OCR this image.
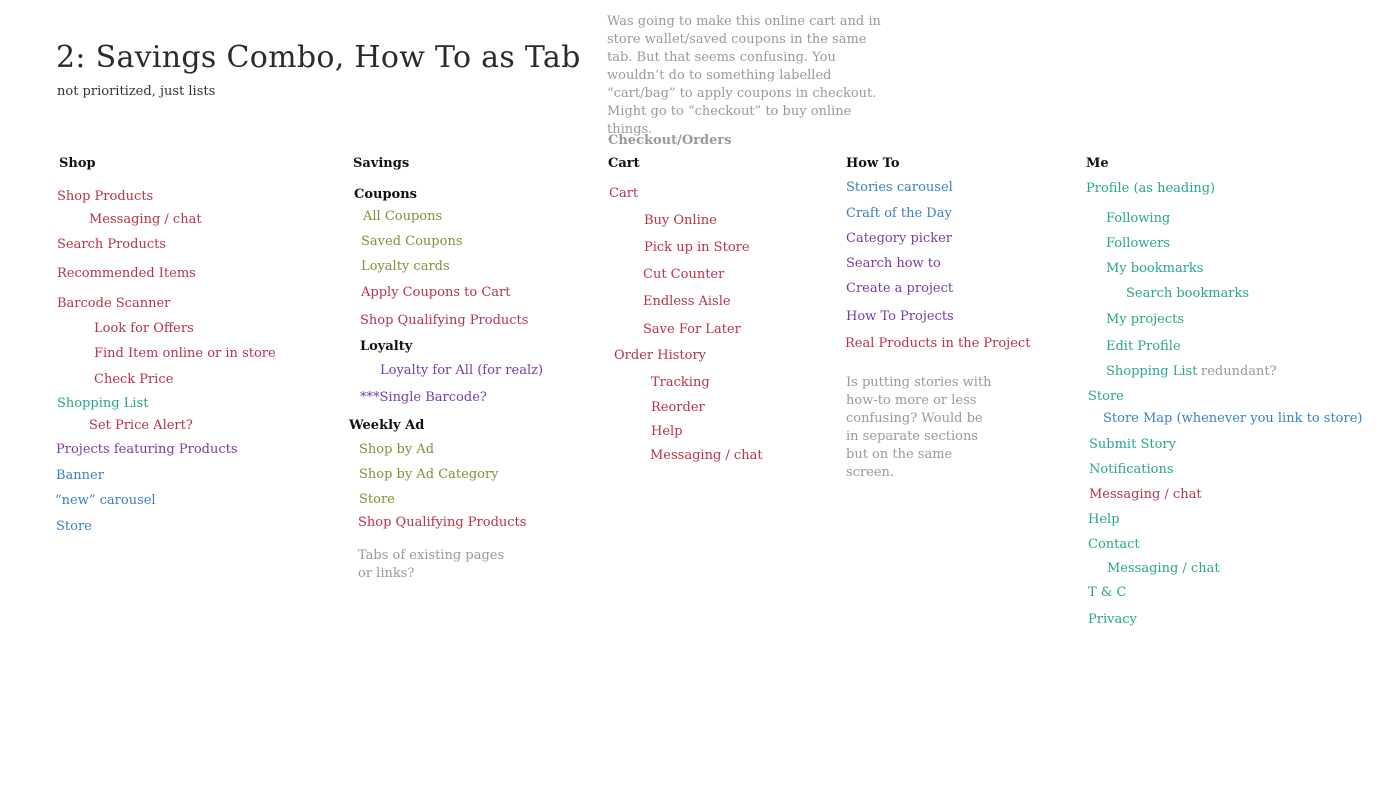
2: Savings Combo, How To as Tab
not prioritized, just lists
Was going to make this online cart and in store wallet/saved coupons in the same tab. But that seems confusing. You wouldn’t do to something labelled “cart/bag” to apply coupons in checkout. Might go to “checkout” to buy online things.
Checkout/Orders
Shop
Shop Products
Messaging / chat
Search Products
Recommended Items
Barcode Scanner
Look for Offers
Find Item online or in store
Check Price
Shopping List
Set Price Alert?
Projects featuring Products
Banner
“new” carousel
Store
Savings
Coupons
All Coupons
Saved Coupons
Loyalty cards
Apply Coupons to Cart
Shop Qualifying Products
Loyalty
Loyalty for All (for realz)
***Single Barcode?
Weekly Ad
Shop by Ad
Shop by Ad Category
Store
Shop Qualifying Products
Tabs of existing pages or links?
Cart
Cart
Buy Online
Pick up in Store
Cut Counter
Endless Aisle
Save For Later
Order History
Tracking
Reorder
Help
Messaging / chat
How To
Stories carousel
Craft of the Day
Category picker
Search how to
Create a project
How To Projects
Real Products in the Project
Is putting stories with how-to more or less confusing? Would be in separate sections but on the same screen.
Me
Profile (as heading)
Following
Followers
My bookmarks
Search bookmarks
My projects
Edit Profile
Shopping List redundant?
Store
Store Map (whenever you link to store)
Submit Story
Notifications
Messaging / chat
Help
Contact
Messaging / chat
T & C
Privacy
